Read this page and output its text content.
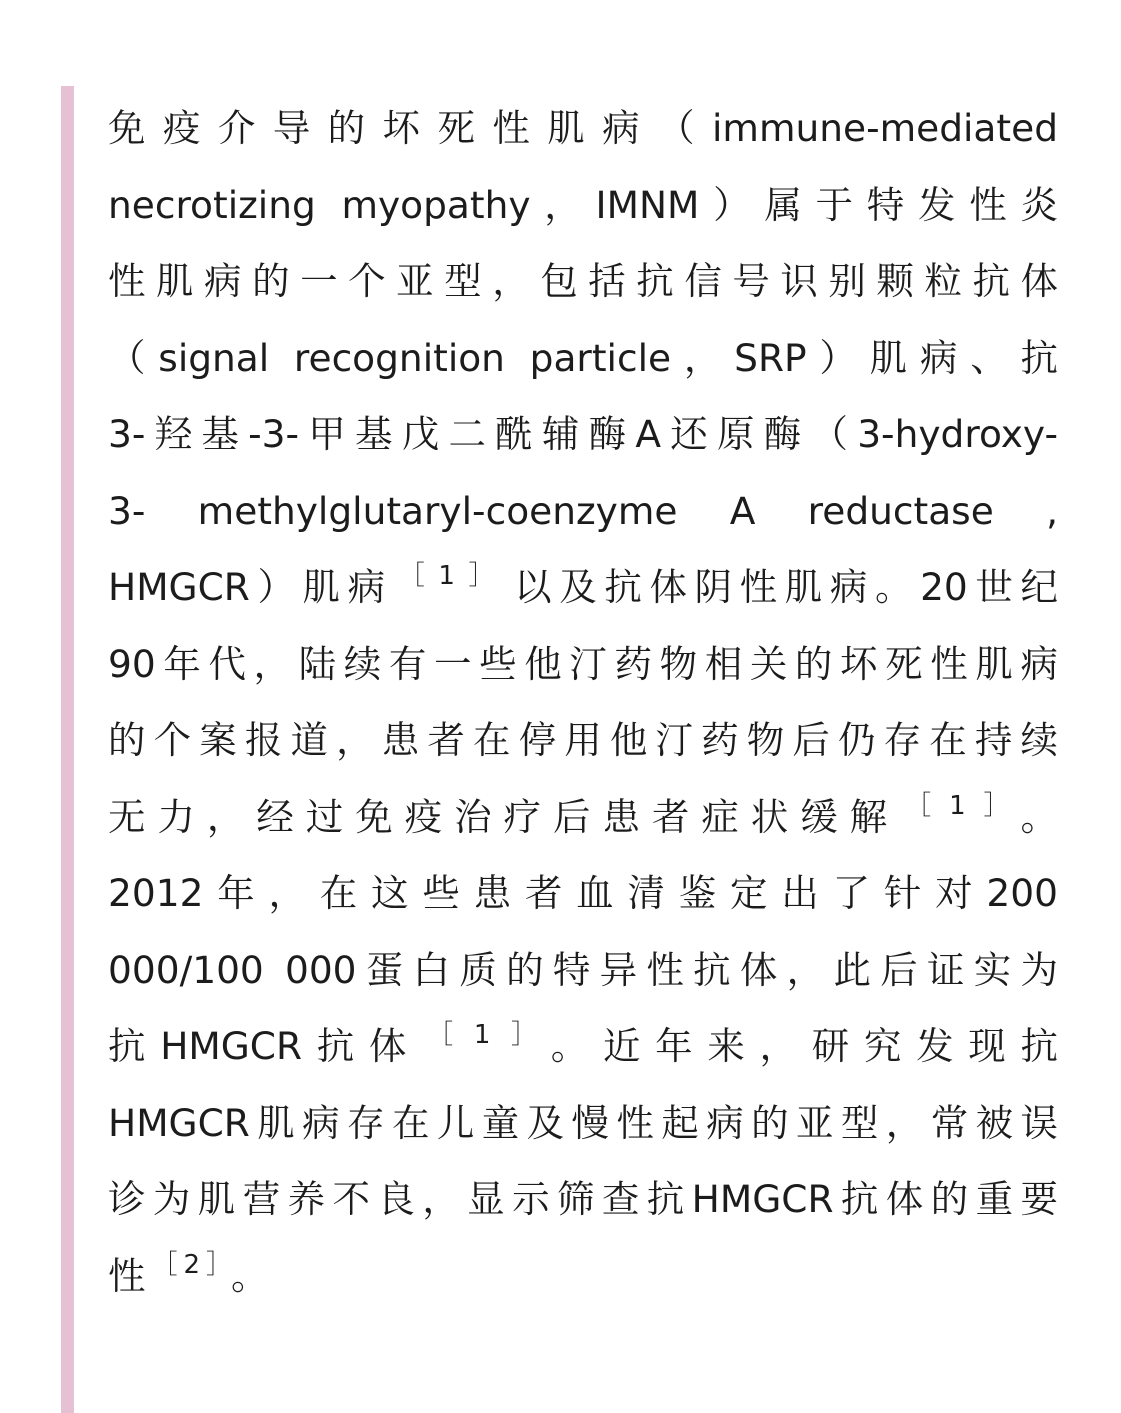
免疫介导的坏死性肌病（immune-mediated
necrotizing myopathy，IMNM）属于特发性炎
性肌病的一个亚型，包括抗信号识别颗粒抗体
（signal recognition particle，SRP）肌病、抗
3-羟基-3-甲基戊二酰辅酶A还原酶（3-hydroxy-
3- methylglutaryl-coenzyme A reductase ,
HMGCR）肌病 $^{[1]}$ 以及抗体阴性肌病。20世纪
90年代，陆续有一些他汀药物相关的坏死性肌病
的个案报道，患者在停用他汀药物后仍存在持续
无力，经过免疫治疗后患者症状缓解 $^{[1]}$ 。
2012年，在这些患者血清鉴定出了针对200
000/100 000蛋白质的特异性抗体，此后证实为
抗HMGCR抗体 $^{[1]}$ 。近年来，研究发现抗
HMGCR肌病存在儿童及慢性起病的亚型，常被误
诊为肌营养不良，显示筛查抗HMGCR抗体的重要
性 $^{[2]}$ 。
